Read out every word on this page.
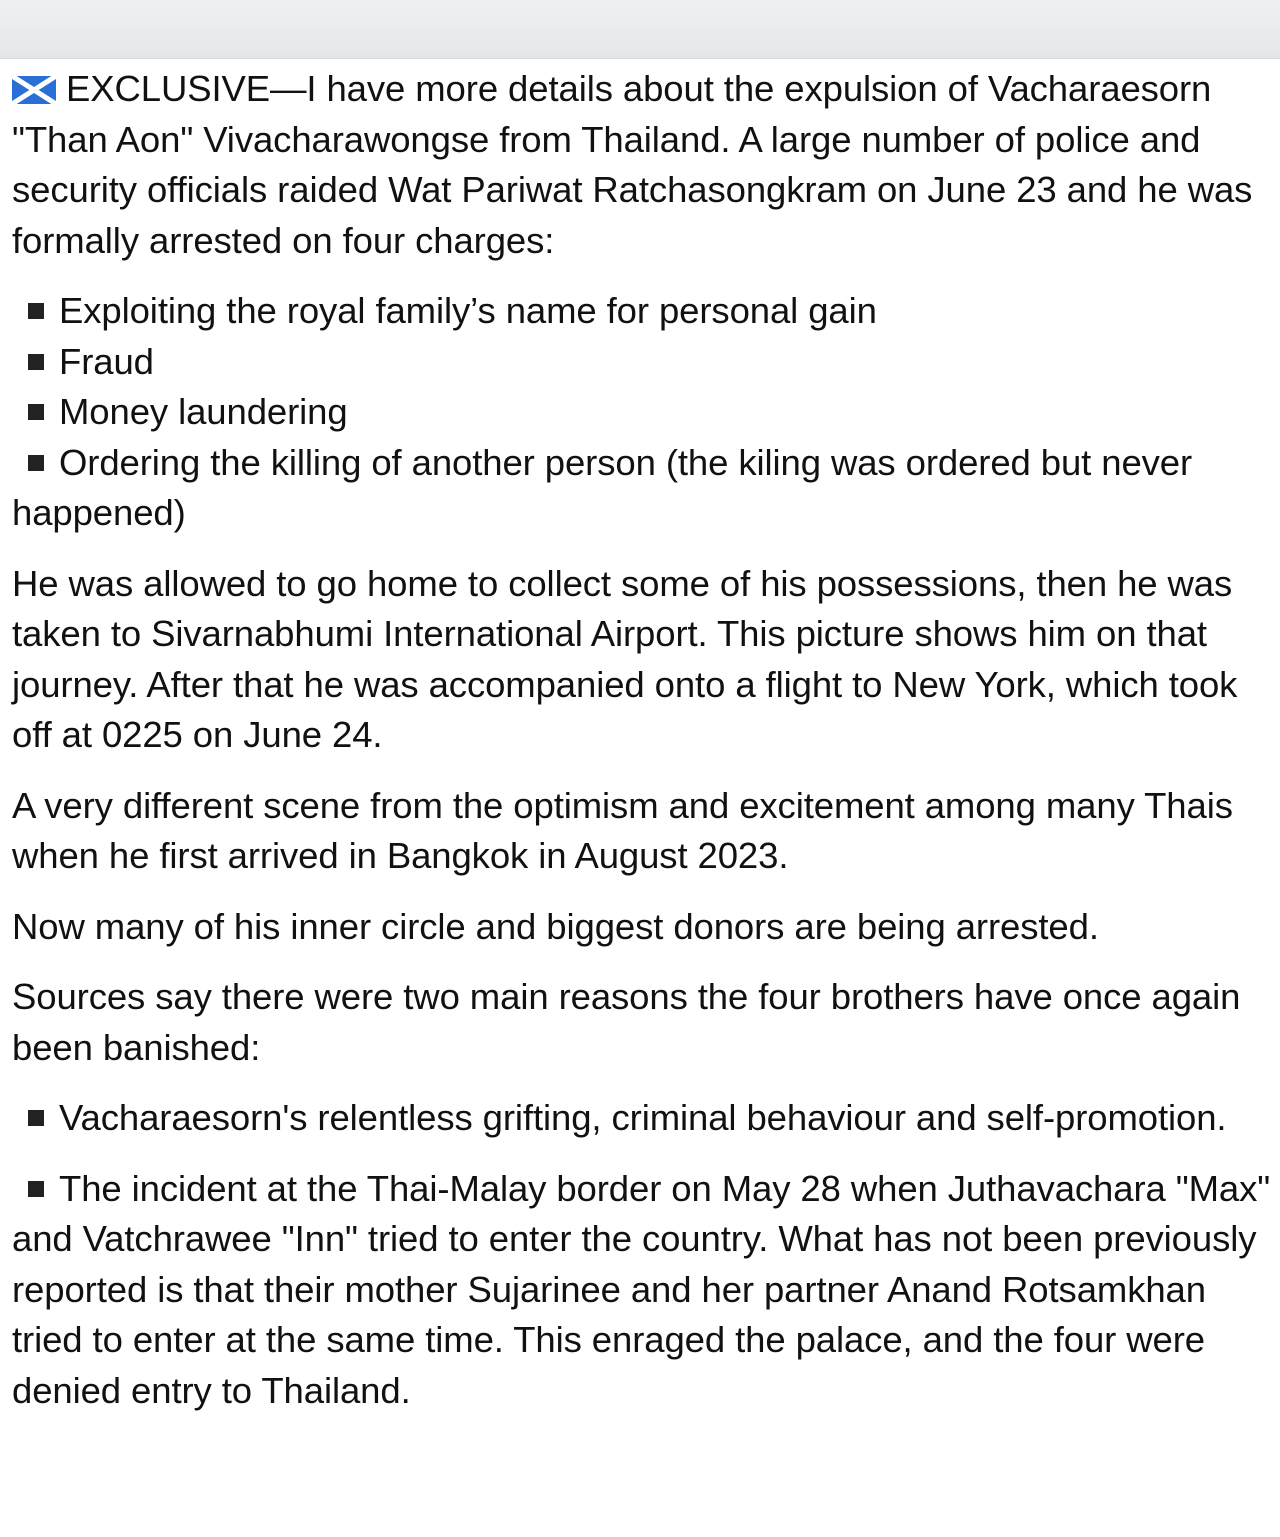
EXCLUSIVE—I have more details about the expulsion of Vacharaesorn "Than Aon" Vivacharawongse from Thailand. A large number of police and security officials raided Wat Pariwat Ratchasongkram on June 23 and he was formally arrested on four charges:

Exploiting the royal family’s name for personal gain
Fraud
Money laundering
Ordering the killing of another person (the kiling was ordered but never happened)

He was allowed to go home to collect some of his possessions, then he was taken to Sivarnabhumi International Airport. This picture shows him on that journey. After that he was accompanied onto a flight to New York, which took off at 0225 on June 24.

A very different scene from the optimism and excitement among many Thais when he first arrived in Bangkok in August 2023.

Now many of his inner circle and biggest donors are being arrested.

Sources say there were two main reasons the four brothers have once again been banished:

Vacharaesorn's relentless grifting, criminal behaviour and self-promotion.
The incident at the Thai-Malay border on May 28 when Juthavachara "Max" and Vatchrawee "Inn" tried to enter the country. What has not been previously reported is that their mother Sujarinee and her partner Anand Rotsamkhan tried to enter at the same time. This enraged the palace, and the four were denied entry to Thailand.
